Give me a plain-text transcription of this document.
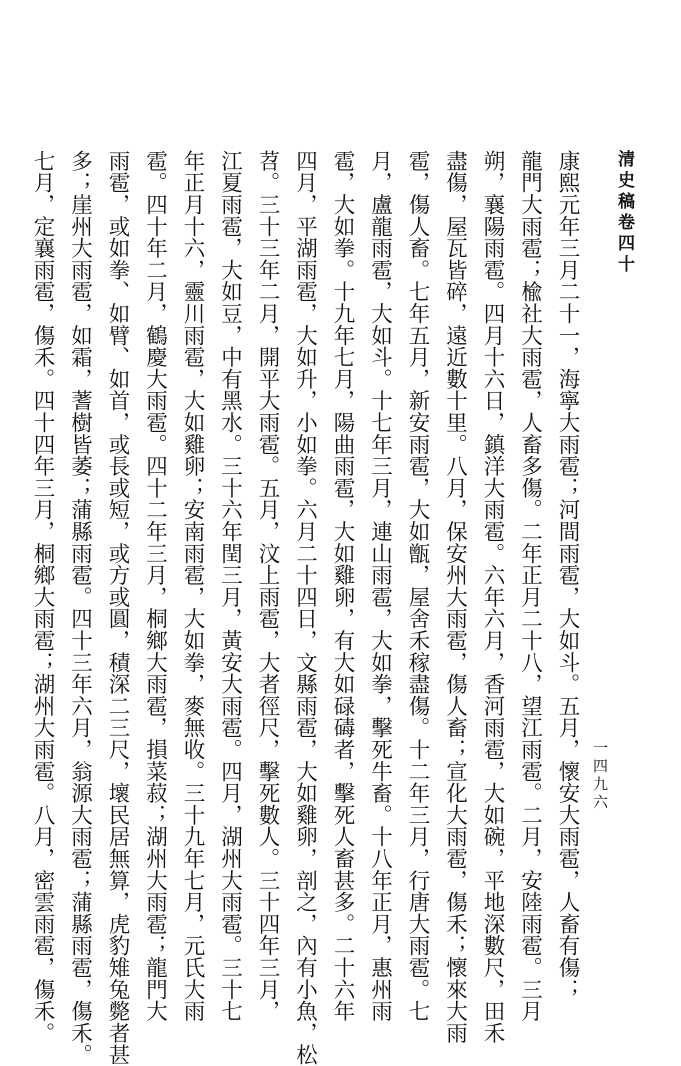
清史稿卷四十
一四九六
康熙元年三月二十一，海寧大雨雹；河間雨雹，大如斗。五月，懷安大雨雹，人畜有傷；
龍門大雨雹；楡社大雨雹，人畜多傷。二年正月二十八，望江雨雹。二月，安陸雨雹。三月
朔，襄陽雨雹。四月十六日，鎮洋大雨雹。六年六月，香河雨雹，大如碗，平地深數尺，田禾
盡傷，屋瓦皆碎，遠近數十里。八月，保安州大雨雹，傷人畜；宣化大雨雹，傷禾；懷來大雨
雹，傷人畜。七年五月，新安雨雹，大如甑，屋舍禾稼盡傷。十二年三月，行唐大雨雹。七
月，盧龍雨雹，大如斗。十七年三月，連山雨雹，大如拳，擊死牛畜。十八年正月，惠州雨
雹，大如拳。十九年七月，陽曲雨雹，大如雞卵，有大如碌碡者，擊死人畜甚多。二十六年
四月，平湖雨雹，大如升，小如拳。六月二十四日，文縣雨雹，大如雞卵，剖之，內有小魚，松
苕。三十三年二月，開平大雨雹。五月，汶上雨雹，大者徑尺，擊死數人。三十四年三月，
江夏雨雹，大如豆，中有黑水。三十六年閏三月，黃安大雨雹。四月，湖州大雨雹。三十七
年正月十六，靈川雨雹，大如雞卵；安南雨雹，大如拳，麥無收。三十九年七月，元氏大雨
雹。四十年二月，鶴慶大雨雹。四十二年三月，桐鄉大雨雹，損菜菽；湖州大雨雹；龍門大
雨雹，或如拳、如臂、如首，或長或短，或方或圓，積深二三尺，壞民居無算，虎豹雉兔斃者甚
多；崖州大雨雹，如霜，蓍樹皆萎；蒲縣雨雹。四十三年六月，翁源大雨雹；蒲縣雨雹，傷禾。
七月，定襄雨雹，傷禾。四十四年三月，桐鄉大雨雹；湖州大雨雹。八月，密雲雨雹，傷禾。
